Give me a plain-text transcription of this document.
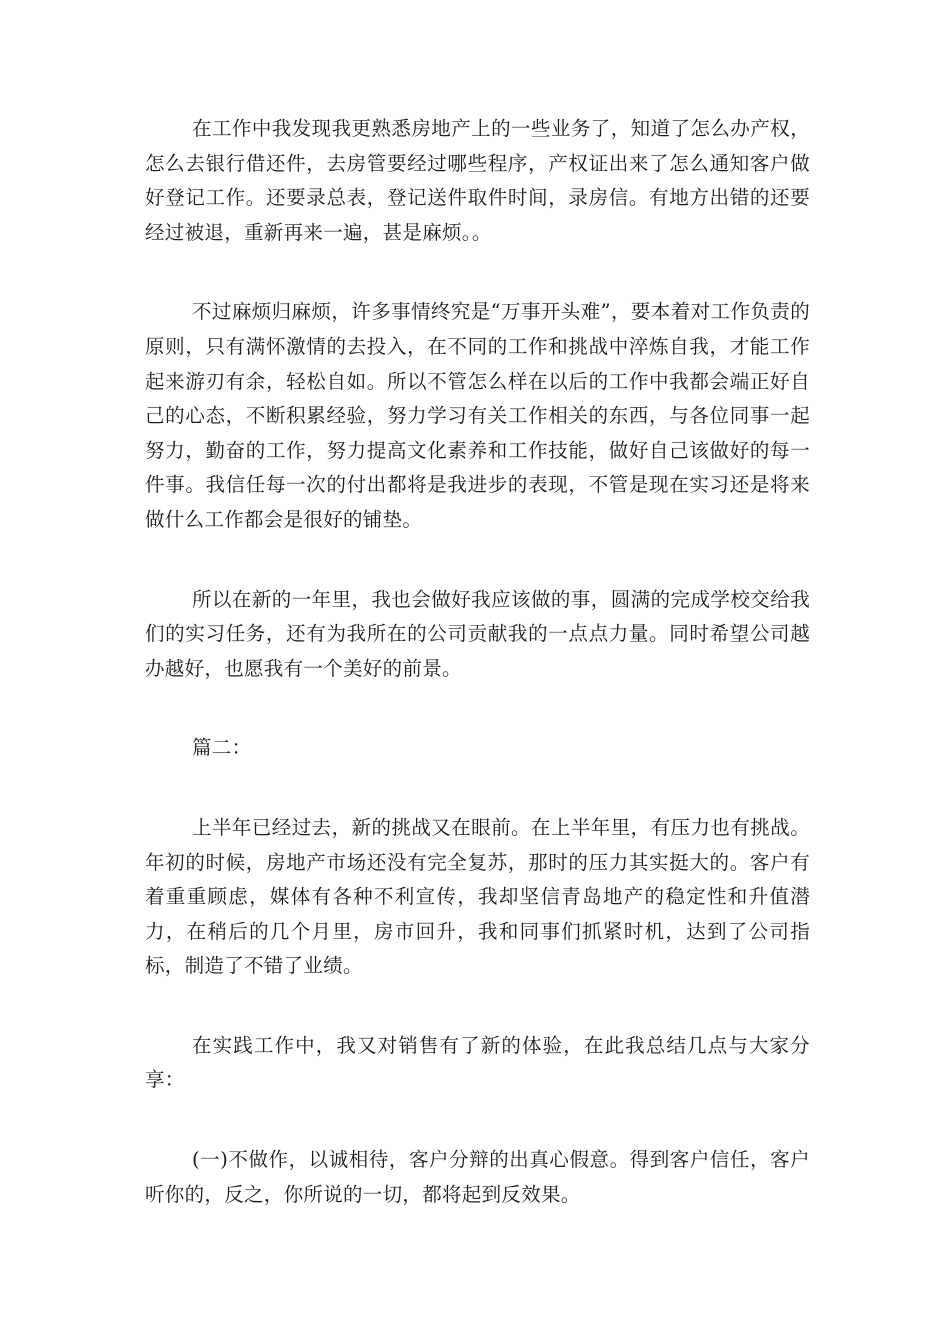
在工作中我发现我更熟悉房地产上的一些业务了，知道了怎么办产权，怎么去银行借还件，去房管要经过哪些程序，产权证出来了怎么通知客户做好登记工作。还要录总表，登记送件取件时间，录房信。有地方出错的还要经过被退，重新再来一遍，甚是麻烦。。

不过麻烦归麻烦，许多事情终究是“万事开头难”，要本着对工作负责的原则，只有满怀激情的去投入，在不同的工作和挑战中淬炼自我，才能工作起来游刃有余，轻松自如。所以不管怎么样在以后的工作中我都会端正好自己的心态，不断积累经验，努力学习有关工作相关的东西，与各位同事一起努力，勤奋的工作，努力提高文化素养和工作技能，做好自己该做好的每一件事。我信任每一次的付出都将是我进步的表现，不管是现在实习还是将来做什么工作都会是很好的铺垫。

所以在新的一年里，我也会做好我应该做的事，圆满的完成学校交给我们的实习任务，还有为我所在的公司贡献我的一点点力量。同时希望公司越办越好，也愿我有一个美好的前景。

篇二：

上半年已经过去，新的挑战又在眼前。在上半年里，有压力也有挑战。年初的时候，房地产市场还没有完全复苏，那时的压力其实挺大的。客户有着重重顾虑，媒体有各种不利宣传，我却坚信青岛地产的稳定性和升值潜力，在稍后的几个月里，房市回升，我和同事们抓紧时机，达到了公司指标，制造了不错了业绩。

在实践工作中，我又对销售有了新的体验，在此我总结几点与大家分享：

(一)不做作，以诚相待，客户分辩的出真心假意。得到客户信任，客户听你的，反之，你所说的一切，都将起到反效果。
